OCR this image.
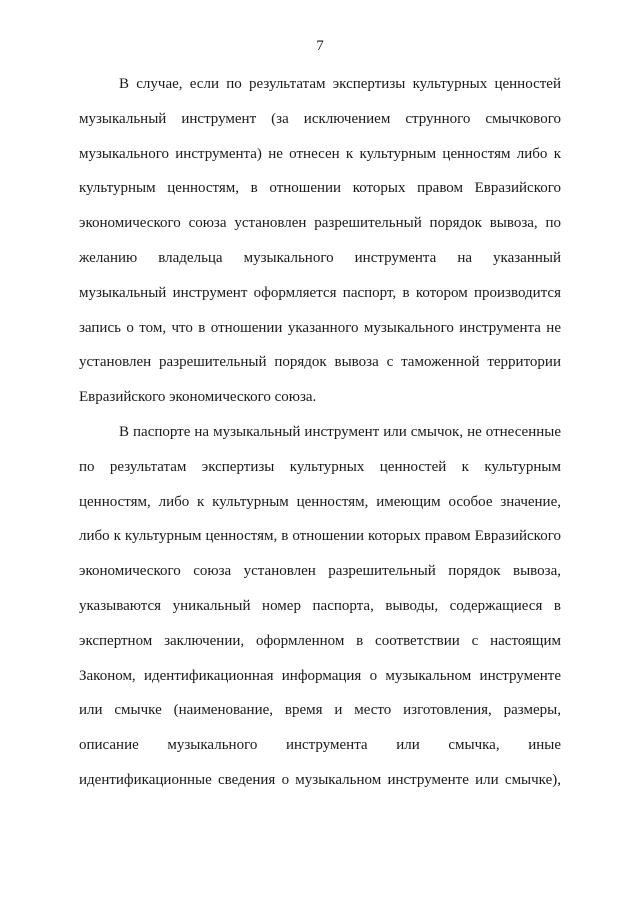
7
В случае, если по результатам экспертизы культурных ценностей
музыкальный инструмент (за исключением струнного смычкового
музыкального инструмента) не отнесен к культурным ценностям либо к
культурным ценностям, в отношении которых правом Евразийского
экономического союза установлен разрешительный порядок вывоза, по
желанию владельца музыкального инструмента на указанный
музыкальный инструмент оформляется паспорт, в котором производится
запись о том, что в отношении указанного музыкального инструмента не
установлен разрешительный порядок вывоза с таможенной территории
Евразийского экономического союза.
В паспорте на музыкальный инструмент или смычок, не отнесенные
по результатам экспертизы культурных ценностей к культурным
ценностям, либо к культурным ценностям, имеющим особое значение,
либо к культурным ценностям, в отношении которых правом Евразийского
экономического союза установлен разрешительный порядок вывоза,
указываются уникальный номер паспорта, выводы, содержащиеся в
экспертном заключении, оформленном в соответствии с настоящим
Законом, идентификационная информация о музыкальном инструменте
или смычке (наименование, время и место изготовления, размеры,
описание музыкального инструмента или смычка, иные
идентификационные сведения о музыкальном инструменте или смычке),
